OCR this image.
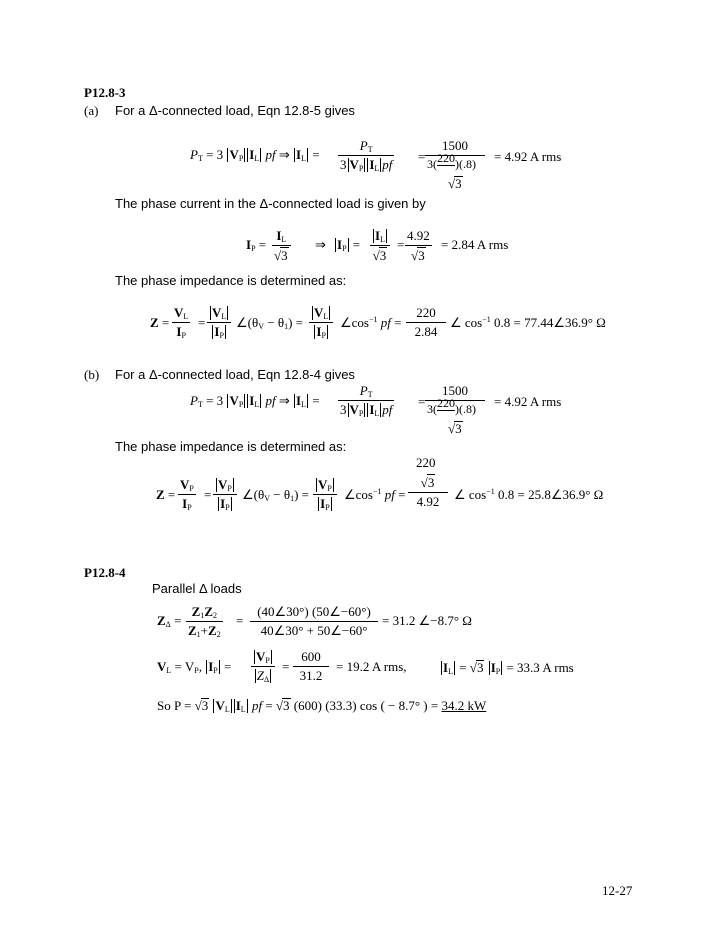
P12.8-3
(a) For a Δ-connected load, Eqn 12.8-5 gives
$P_T = 3$ $V_P$ $I_L$ pf ⇒ $I_L$ =
$P_T$
3 $V_P$ $I_L$ pf
= $\frac{1500}{3(220)(.8)}$
√3
= 4.92 A rms
The phase current in the Δ-connected load is given by
$I_P = \frac{I_L}{√3}$ ⇒ $I_P = \frac{I_L}{√3} = \frac{4.92}{√3} = 2.84$ A rms
The phase impedance is determined as:
$Z = \frac{V_L}{I_P} = \frac{V_L}{I_P}$ $\angle(\theta_V - \theta_1) = \frac{V_L}{I_P}$ $\angle\cos^{-1}$ pf = $\frac{220}{2.84}$ ∠ $\cos^{-1} 0.8$ = 77.44∠36.9° Ω
(b) For a Δ-connected load, Eqn 12.8-4 gives
$P_T = 3$ $V_P$ $I_L$ pf ⇒ $I_L$ =
$P_T$
3 $V_P$ $I_L$ pf
= $\frac{1500}{3(220)(.8)}$
√3
= 4.92 A rms
The phase impedance is determined as:
220
$Z = \frac{V_P}{I_P} = \frac{V_P}{I_P}$ $\angle(\theta_V - \theta_1) = \frac{V_P}{I_P}$ $\angle\cos^{-1}$ pf = $\frac{√3}{4.92}$ ∠ $\cos^{-1} 0.8$ = 25.8∠36.9° Ω
P12.8-4
Parallel Δ loads
$Z_\Delta = \frac{Z_1Z_2}{Z_1+Z_2} = \frac{(40\angle 30^\circ) (50\angle-60^\circ)}{40\angle 30^\circ + 50\angle-60^\circ} = 31.2$ ∠−8.7° Ω
$V_L = V_P$, $I_P = \frac{V_P}{Z_\Delta} = \frac{600}{31.2} = 19.2$ A rms,	$I_L = √3$ $I_P = 33.3$ A rms
So P = √3 $V_L$ $I_L$ pf = √3 (600) (33.3) cos ( − 8.7° ) = 34.2 kW
12-27
